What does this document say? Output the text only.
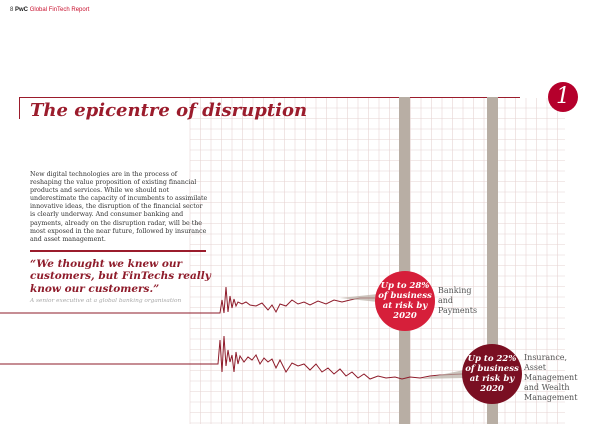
8 PwC Global FinTech Report
The epicentre of disruption
1
New digital technologies are in the process of reshaping the value proposition of existing financial products and services. While we should not underestimate the capacity of incumbents to assimilate innovative ideas, the disruption of the financial sector is clearly underway. And consumer banking and payments, already on the disruption radar, will be the most exposed in the near future, followed by insurance and asset management.
“We thought we knew our customers, but FinTechs really know our customers.”
A senior executive at a global banking organisation
Up to 28%
of business
at risk by
2020
Banking
and
Payments
Up to 22%
of business
at risk by
2020
Insurance,
Asset Management
and Wealth
Management
